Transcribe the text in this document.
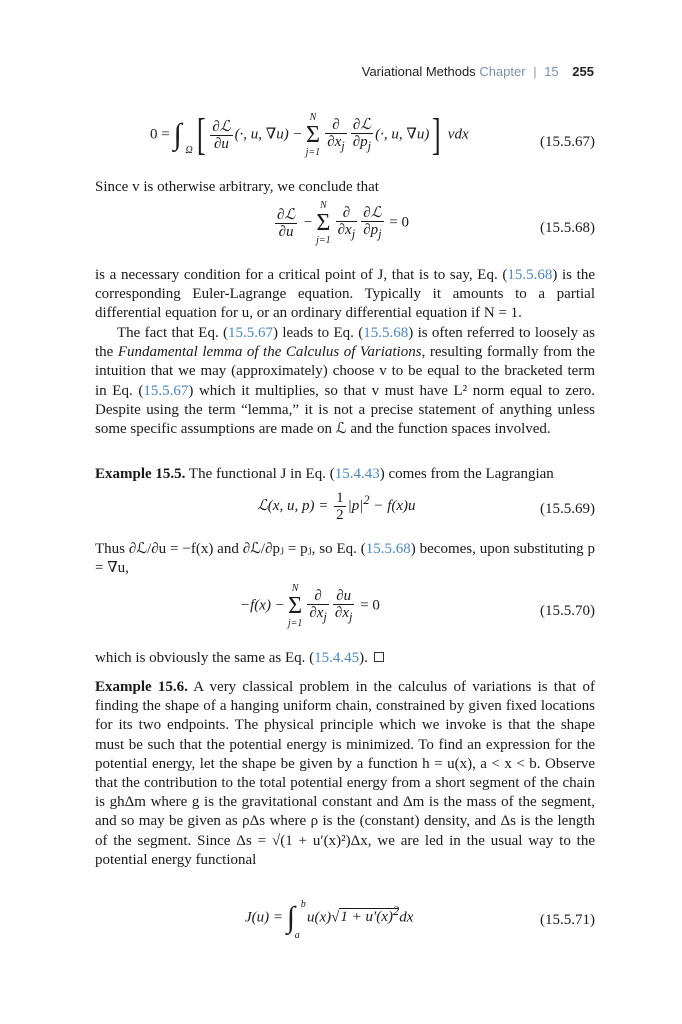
Variational Methods Chapter | 15 255
0 = ∫ Ω [ $\frac{\text{∂ℒ}}{\partial u}$ (·, u, ∇u) −
N
Σ
$j=1 \frac{\partial}{\partial x_j} \frac{\text{∂ℒ}}{\partial p_j}$ (·, u, ∇u)] vdx	(15.5.67)
Since v is otherwise arbitrary, we conclude that
$\frac{\text{∂ℒ}}{\partial u}$ −
N
Σ
$j=1 \frac{\partial}{\partial x_j} \frac{\text{∂ℒ}}{\partial p_j} = 0$	(15.5.68)
is a necessary condition for a critical point of J, that is to say, Eq. (15.5.68) is the corresponding Euler-Lagrange equation. Typically it amounts to a partial differential equation for u, or an ordinary differential equation if N = 1.
The fact that Eq. (15.5.67) leads to Eq. (15.5.68) is often referred to loosely as the Fundamental lemma of the Calculus of Variations, resulting formally from the intuition that we may (approximately) choose v to be equal to the bracketed term in Eq. (15.5.67) which it multiplies, so that v must have L² norm equal to zero. Despite using the term “lemma,” it is not a precise statement of anything unless some specific assumptions are made on ℒ and the function spaces involved.
Example 15.5. The functional J in Eq. (15.4.43) comes from the Lagrangian
ℒ(x, u, $p) = \frac{1}{2} |p|^2 - f(x)u$	(15.5.69)
Thus ∂ℒ/∂u = −f(x) and ∂ℒ/∂pⱼ = pⱼ, so Eq. (15.5.68) becomes, upon substituting p = ∇u,
−f(x) −
N
Σ
$j=1 \frac{\partial}{\partial x_j} \frac{\partial u}{\partial x_j} = 0$	(15.5.70)
which is obviously the same as Eq. (15.4.45).
Example 15.6. A very classical problem in the calculus of variations is that of finding the shape of a hanging uniform chain, constrained by given fixed locations for its two endpoints. The physical principle which we invoke is that the shape must be such that the potential energy is minimized. To find an expression for the potential energy, let the shape be given by a function h = u(x), a < x < b. Observe that the contribution to the total potential energy from a short segment of the chain is ghΔm where g is the gravitational constant and Δm is the mass of the segment, and so may be given as ρΔs where ρ is the (constant) density, and Δs is the length of the segment. Since Δs = √(1 + u′(x)²)Δx, we are led in the usual way to the potential energy functional
J(u) = ∫ b
a
$u(x)√1 + u'(x)^2dx$	(15.5.71)
